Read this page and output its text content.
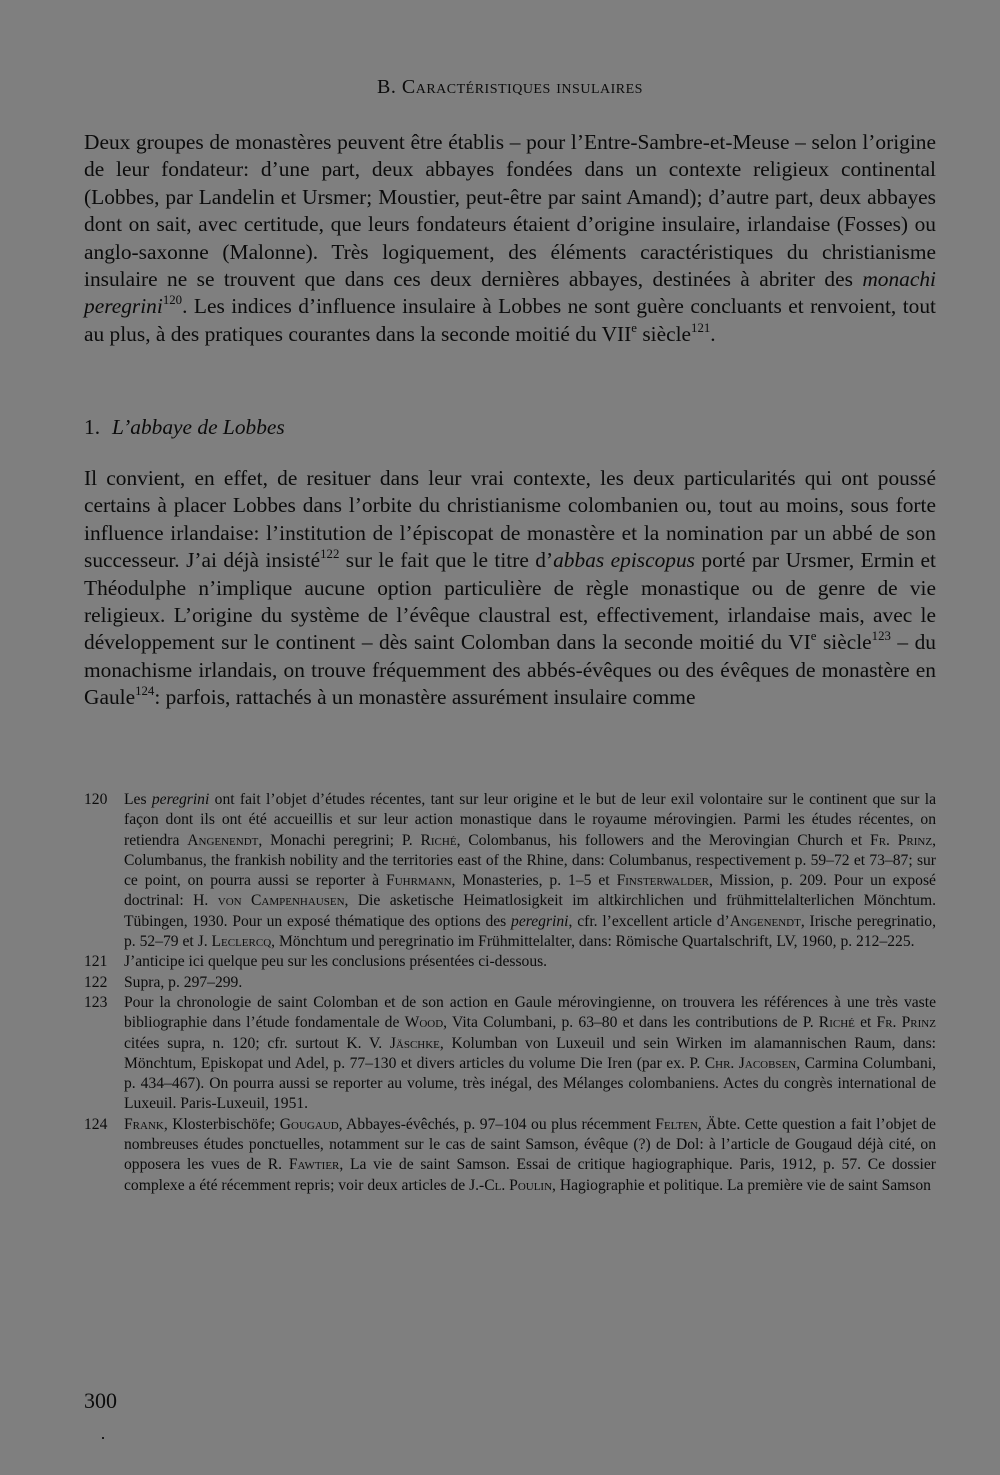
B. Caractéristiques insulaires
Deux groupes de monastères peuvent être établis – pour l’Entre-Sambre-et-Meuse – selon l’origine de leur fondateur: d’une part, deux abbayes fondées dans un contexte religieux continental (Lobbes, par Landelin et Ursmer; Moustier, peut-être par saint Amand); d’autre part, deux abbayes dont on sait, avec certitude, que leurs fondateurs étaient d’origine insulaire, irlandaise (Fosses) ou anglo-saxonne (Malonne). Très logiquement, des éléments caractéristiques du christianisme insulaire ne se trouvent que dans ces deux dernières abbayes, destinées à abriter des monachi peregrini$^{120}$. Les indices d’influence insulaire à Lobbes ne sont guère concluants et renvoient, tout au plus, à des pratiques courantes dans la seconde moitié du VIIe siècle$^{121}$.
1. L’abbaye de Lobbes
Il convient, en effet, de resituer dans leur vrai contexte, les deux particularités qui ont poussé certains à placer Lobbes dans l’orbite du christianisme colombanien ou, tout au moins, sous forte influence irlandaise: l’institution de l’épiscopat de monastère et la nomination par un abbé de son successeur. J’ai déjà insisté$^{122}$ sur le fait que le titre d’abbas episcopus porté par Ursmer, Ermin et Théodulphe n’implique aucune option particulière de règle monastique ou de genre de vie religieux. L’origine du système de l’évêque claustral est, effectivement, irlandaise mais, avec le développement sur le continent – dès saint Colomban dans la seconde moitié du VIe siècle$^{123}$ – du monachisme irlandais, on trouve fréquemment des abbés-évêques ou des évêques de monastère en Gaule$^{124}$: parfois, rattachés à un monastère assurément insulaire comme
120	Les peregrini ont fait l’objet d’études récentes, tant sur leur origine et le but de leur exil volontaire sur le continent que sur la façon dont ils ont été accueillis et sur leur action monastique dans le royaume mérovingien. Parmi les études récentes, on retiendra Angenendt, Monachi peregrini; P. Riché, Colombanus, his followers and the Merovingian Church et Fr. Prinz, Columbanus, the frankish nobility and the territories east of the Rhine, dans: Columbanus, respectivement p. 59–72 et 73–87; sur ce point, on pourra aussi se reporter à Fuhrmann, Monasteries, p. 1–5 et Finsterwalder, Mission, p. 209. Pour un exposé doctrinal: H. von Campenhausen, Die asketische Heimatlosigkeit im altkirchlichen und frühmittelalterlichen Mönchtum. Tübingen, 1930. Pour un exposé thématique des options des peregrini, cfr. l’excellent article d’Angenendt, Irische peregrinatio, p. 52–79 et J. Leclercq, Mönchtum und peregrinatio im Frühmittelalter, dans: Römische Quartalschrift, LV, 1960, p. 212–225.
121	J’anticipe ici quelque peu sur les conclusions présentées ci-dessous.
122	Supra, p. 297–299.
123	Pour la chronologie de saint Colomban et de son action en Gaule mérovingienne, on trouvera les références à une très vaste bibliographie dans l’étude fondamentale de Wood, Vita Columbani, p. 63–80 et dans les contributions de P. Riché et Fr. Prinz citées supra, n. 120; cfr. surtout K. V. Jäschke, Kolumban von Luxeuil und sein Wirken im alamannischen Raum, dans: Mönchtum, Episkopat und Adel, p. 77–130 et divers articles du volume Die Iren (par ex. P. Chr. Jacobsen, Carmina Columbani, p. 434–467). On pourra aussi se reporter au volume, très inégal, des Mélanges colombaniens. Actes du congrès international de Luxeuil. Paris-Luxeuil, 1951.
124	Frank, Klosterbischöfe; Gougaud, Abbayes-évêchés, p. 97–104 ou plus récemment Felten, Äbte. Cette question a fait l’objet de nombreuses études ponctuelles, notamment sur le cas de saint Samson, évêque (?) de Dol: à l’article de Gougaud déjà cité, on opposera les vues de R. Fawtier, La vie de saint Samson. Essai de critique hagiographique. Paris, 1912, p. 57. Ce dossier complexe a été récemment repris; voir deux articles de J.-Cl. Poulin, Hagiographie et politique. La première vie de saint Samson
300
